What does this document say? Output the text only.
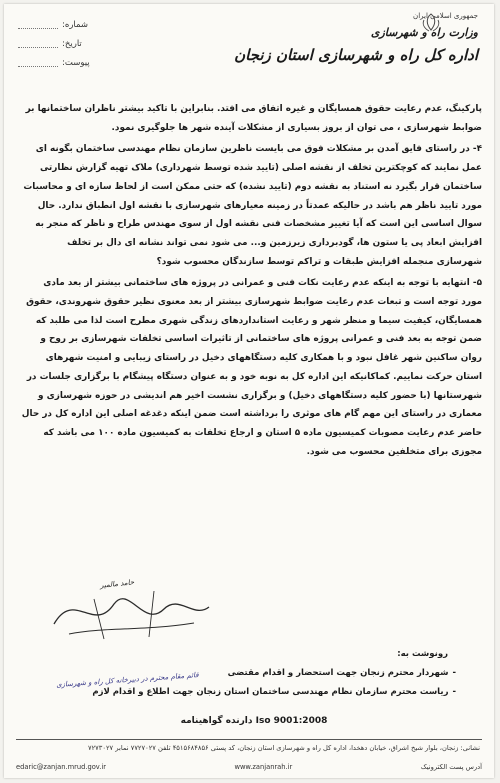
جمهوری اسلامی ایران
وزارت راه و شهرسازی
اداره کل راه و شهرسازی استان زنجان
شماره:
تاریخ:
پیوست:

پارکینگ، عدم رعایت حقوق همسایگان و غیره اتفاق می افتد. بنابراین با تاکید بیشتر ناظران ساختمانها بر ضوابط شهرسازی ، می توان از بروز بسیاری از مشکلات آینده شهر ها جلوگیری نمود.

۴- در راستای فایق آمدن بر مشکلات فوق می بایست ناظرین سازمان نظام مهندسی ساختمان بگونه ای عمل نمایند که کوچکترین تخلف از نقشه اصلی (تایید شده توسط شهرداری) ملاک تهیه گزارش نظارتی ساختمان قرار بگیرد نه استناد به نقشه دوم (تایید نشده) که حتی ممکن است از لحاظ سازه ای و محاسبات مورد تایید ناظر هم باشد در حالیکه عمدتاً در زمینه معیارهای شهرسازی با نقشه اول انطباق ندارد. حال سوال اساسی این است که آیا تغییر مشخصات فنی نقشه اول از سوی مهندس طراح و ناظر که منجر به افزایش ابعاد پی یا ستون ها، گودبرداری زیرزمین و... می شود نمی تواند نشانه ای دال بر تخلف شهرسازی منجمله افزایش طبقات و تراکم توسط سازندگان محسوب شود؟

۵- انتهایه با توجه به اینکه عدم رعایت نکات فنی و عمرانی در پروژه های ساختمانی بیشتر از بعد مادی مورد توجه است و تبعات عدم رعایت ضوابط شهرسازی بیشتر از بعد معنوی نظیر حقوق شهروندی، حقوق همسایگان، کیفیت سیما و منظر شهر و رعایت استانداردهای زندگی شهری مطرح است لذا می طلبد که ضمن توجه به بعد فنی و عمرانی پروژه های ساختمانی از تاثیرات اساسی تخلفات شهرسازی بر روح و روان ساکنین شهر غافل نبود و با همکاری کلیه دستگاههای دخیل در راستای زیبایی و امنیت شهرهای استان حرکت نماییم. کماکانیکه این اداره کل به نوبه خود و به عنوان دستگاه پیشگام با برگزاری جلسات در شهرستانها (با حضور کلیه دستگاههای دخیل) و برگزاری نشست اخیر هم اندیشی در حوزه شهرسازی و معماری در راستای این مهم گام های موثری را برداشته است ضمن اینکه دغدغه اصلی این اداره کل در حال حاضر عدم رعایت مصوبات کمیسیون ماده ۵ استان و ارجاع تخلفات به کمیسیون ماده ۱۰۰ می باشد که مجوزی برای متخلفین محسوب می شود.

حامد مالمیر
رونوشت به:
-
شهردار محترم زنجان جهت استحضار و اقدام مقتضی
-
ریاست محترم سازمان نظام مهندسی ساختمان استان زنجان جهت اطلاع و اقدام لازم
قائم مقام محترم در دبیرخانه کل راه و شهرسازی
دارنده گواهینامه Iso 9001:2008
نشانی: زنجان، بلوار شیخ اشراق، خیابان دهخدا، اداره کل راه و شهرسازی استان زنجان، کد پستی ۴۵۱۵۶۸۴۸۵۶ تلفن ۷۷۲۷۰۲۷ نمابر ۷۲۷۳۰۲۷
edaric@zanjan.mrud.gov.ir	www.zanjanrah.ir	آدرس پست الکترونیک
